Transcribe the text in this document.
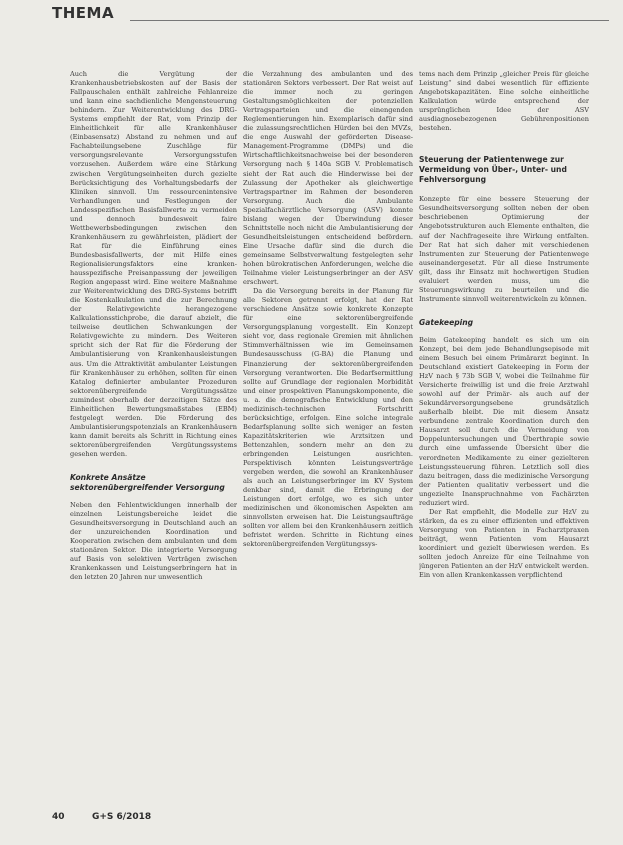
THEMA

Auch die Vergütung der Krankenhausbetriebskosten auf der Basis der Fallpauschalen enthält zahlreiche Fehlanreize und kann eine sachdienliche Mengensteuerung behindern. Zur Weiterentwicklung des DRG-Systems empfiehlt der Rat, vom Prinzip der Einheitlichkeit für alle Krankenhäuser (Einbasensatz) Abstand zu nehmen und auf Fachabteilungsebene Zuschläge für versorgungsrelevante Versorgungsstufen vorzusehen. Außerdem wäre eine Stärkung zwischen Vergütungseinheiten durch gezielte Berücksichtigung des Vorhaltungsbedarfs der Kliniken sinnvoll. Um ressourcenintensive Verhandlungen und Festlegungen der Landesspezifischen Basisfallwerte zu vermeiden und dennoch bundesweit faire Wettbewerbsbedingungen zwischen den Krankenhäusern zu gewährleisten, plädiert der Rat für die Einführung eines Bundesbasisfallwerts, der mit Hilfe eines Regionalisierungsfaktors eine krankenhausspezifische Preisanpassung der jeweiligen Region angepasst wird. Eine weitere Maßnahme zur Weiterentwicklung des DRG-Systems betrifft die Kostenkalkulation und die zur Berechnung der Relativgewichte herangezogene Kalkulationsstichprobe, die darauf abzielt, die teilweise deutlichen Schwankungen der Relativgewichte zu mindern. Des Weiteren spricht sich der Rat für die Förderung der Ambulantisierung von Krankenhausleistungen aus. Um die Attraktivität ambulanter Leistungen für Krankenhäuser zu erhöhen, sollten für einen Katalog definierter ambulanter Prozeduren sektorenübergreifende Vergütungssätze zumindest oberhalb der derzeitigen Sätze des Einheitlichen Bewertungsmaßstabes (EBM) festgelegt werden. Die Förderung des Ambulantisierungspotenzials an Krankenhäusern kann damit bereits als Schritt in Richtung eines sektorenübergreifenden Vergütungssystems gesehen werden.

Konkrete Ansätze sektorenübergreifender Versorgung

Neben den Fehlentwicklungen innerhalb der einzelnen Leistungsbereiche leidet die Gesundheitsversorgung in Deutschland auch an der unzureichenden Koordination und Kooperation zwischen dem ambulanten und dem stationären Sektor. Die integrierte Versorgung auf Basis von selektiven Verträgen zwischen Krankenkassen und Leistungserbringern hat in den letzten 20 Jahren nur unwesentlich

die Verzahnung des ambulanten und des stationären Sektors verbessert. Der Rat weist auf die immer noch zu geringen Gestaltungsmöglichkeiten der potenziellen Vertragsparteien und die einengenden Reglementierungen hin. Exemplarisch dafür sind die zulassungsrechtlichen Hürden bei den MVZs, die enge Auswahl der geförderten Disease-Management-Programme (DMPs) und die Wirtschaftlichkeitsnachweise bei der besonderen Versorgung nach § 140a SGB V. Problematisch sieht der Rat auch die Hinderwisse bei der Zulassung der Apotheker als gleichwertige Vertragspartner im Rahmen der besonderen Versorgung. Auch die Ambulante Spezialfachärztliche Versorgung (ASV) konnte bislang wegen der Überwindung dieser Schnittstelle noch nicht die Ambulantisierung der Gesundheitsleistungen entscheidend befördern. Eine Ursache dafür sind die durch die gemeinsame Selbstverwaltung festgelegten sehr hohen bürokratischen Anforderungen, welche die Teilnahme vieler Leistungserbringer an der ASV erschwert.

Da die Versorgung bereits in der Planung für alle Sektoren getrennt erfolgt, hat der Rat verschiedene Ansätze sowie konkrete Konzepte für eine sektorenübergreifende Versorgungsplanung vorgestellt. Ein Konzept sieht vor, dass regionale Gremien mit ähnlichen Stimmverhältnissen wie im Gemeinsamen Bundesausschuss (G-BA) die Planung und Finanzierung der sektorenübergreifenden Versorgung verantworten. Die Bedarfsermittlung sollte auf Grundlage der regionalen Morbidität und einer prospektiven Planungskomponente, die u. a. die demografische Entwicklung und den medizinisch-technischen Fortschritt berücksichtige, erfolgen. Eine solche integrale Bedarfsplanung sollte sich weniger an festen Kapazitätskriterien wie Arztsitzen und Bettenzahlen, sondern mehr an den zu erbringenden Leistungen ausrichten. Perspektivisch könnten Leistungsverträge vergeben werden, die sowohl an Krankenhäuser als auch an Leistungserbringer im KV System denkbar sind, damit die Erbringung der Leistungen dort erfolge, wo es sich unter medizinischen und ökonomischen Aspekten am sinnvollsten erweisen hat. Die Leistungsaufträge sollten vor allem bei den Krankenhäusern zeitlich befristet werden. Schritte in Richtung eines sektorenübergreifenden Vergütungssys-

tems nach dem Prinzip „gleicher Preis für gleiche Leistung“ sind dabei wesentlich für effiziente Angebotskapazitäten. Eine solche einheitliche Kalkulation würde entsprechend der ursprünglichen Idee der ASV ausdiagnosebezogenen Gebührenpositionen bestehen.

Steuerung der Patientenwege zur Vermeidung von Über-, Unter- und Fehlversorgung

Konzepte für eine bessere Steuerung der Gesundheitsversorgung sollten neben der oben beschriebenen Optimierung der Angebotsstrukturen auch Elemente enthalten, die auf der Nachfrageseite ihre Wirkung entfalten. Der Rat hat sich daher mit verschiedenen Instrumenten zur Steuerung der Patientenwege auseinandergesetzt. Für all diese Instrumente gilt, dass ihr Einsatz mit hochwertigen Studien evaluiert werden muss, um die Steuerungswirkung zu beurteilen und die Instrumente sinnvoll weiterentwickeln zu können.

Gatekeeping

Beim Gatekeeping handelt es sich um ein Konzept, bei dem jede Behandlungsepisode mit einem Besuch bei einem Primärarzt beginnt. In Deutschland existiert Gatekeeping in Form der HzV nach § 73b SGB V, wobei die Teilnahme für Versicherte freiwillig ist und die freie Arztwahl sowohl auf der Primär- als auch auf der Sekundärversorgungsebene grundsätzlich außerhalb bleibt. Die mit diesem Ansatz verbundene zentrale Koordination durch den Hausarzt soll durch die Vermeidung von Doppeluntersuchungen und Überthrapie sowie durch eine umfassende Übersicht über die verordneten Medikamente zu einer gezielteren Leistungssteuerung führen. Letztlich soll dies dazu beitragen, dass die medizinische Versorgung der Patienten qualitativ verbessert und die ungezielte Inanspruchnahme von Fachärzten reduziert wird.

Der Rat empfiehlt, die Modelle zur HzV zu stärken, da es zu einer effizienten und effektiven Versorgung von Patienten in Facharztpraxen beiträgt, wenn Patienten vom Hausarzt koordiniert und gezielt überwiesen werden. Es sollten jedoch Anreize für eine Teilnahme von jüngeren Patienten an der HzV entwickelt werden. Ein von allen Krankenkassen verpflichtend

40	G+S 6/2018
